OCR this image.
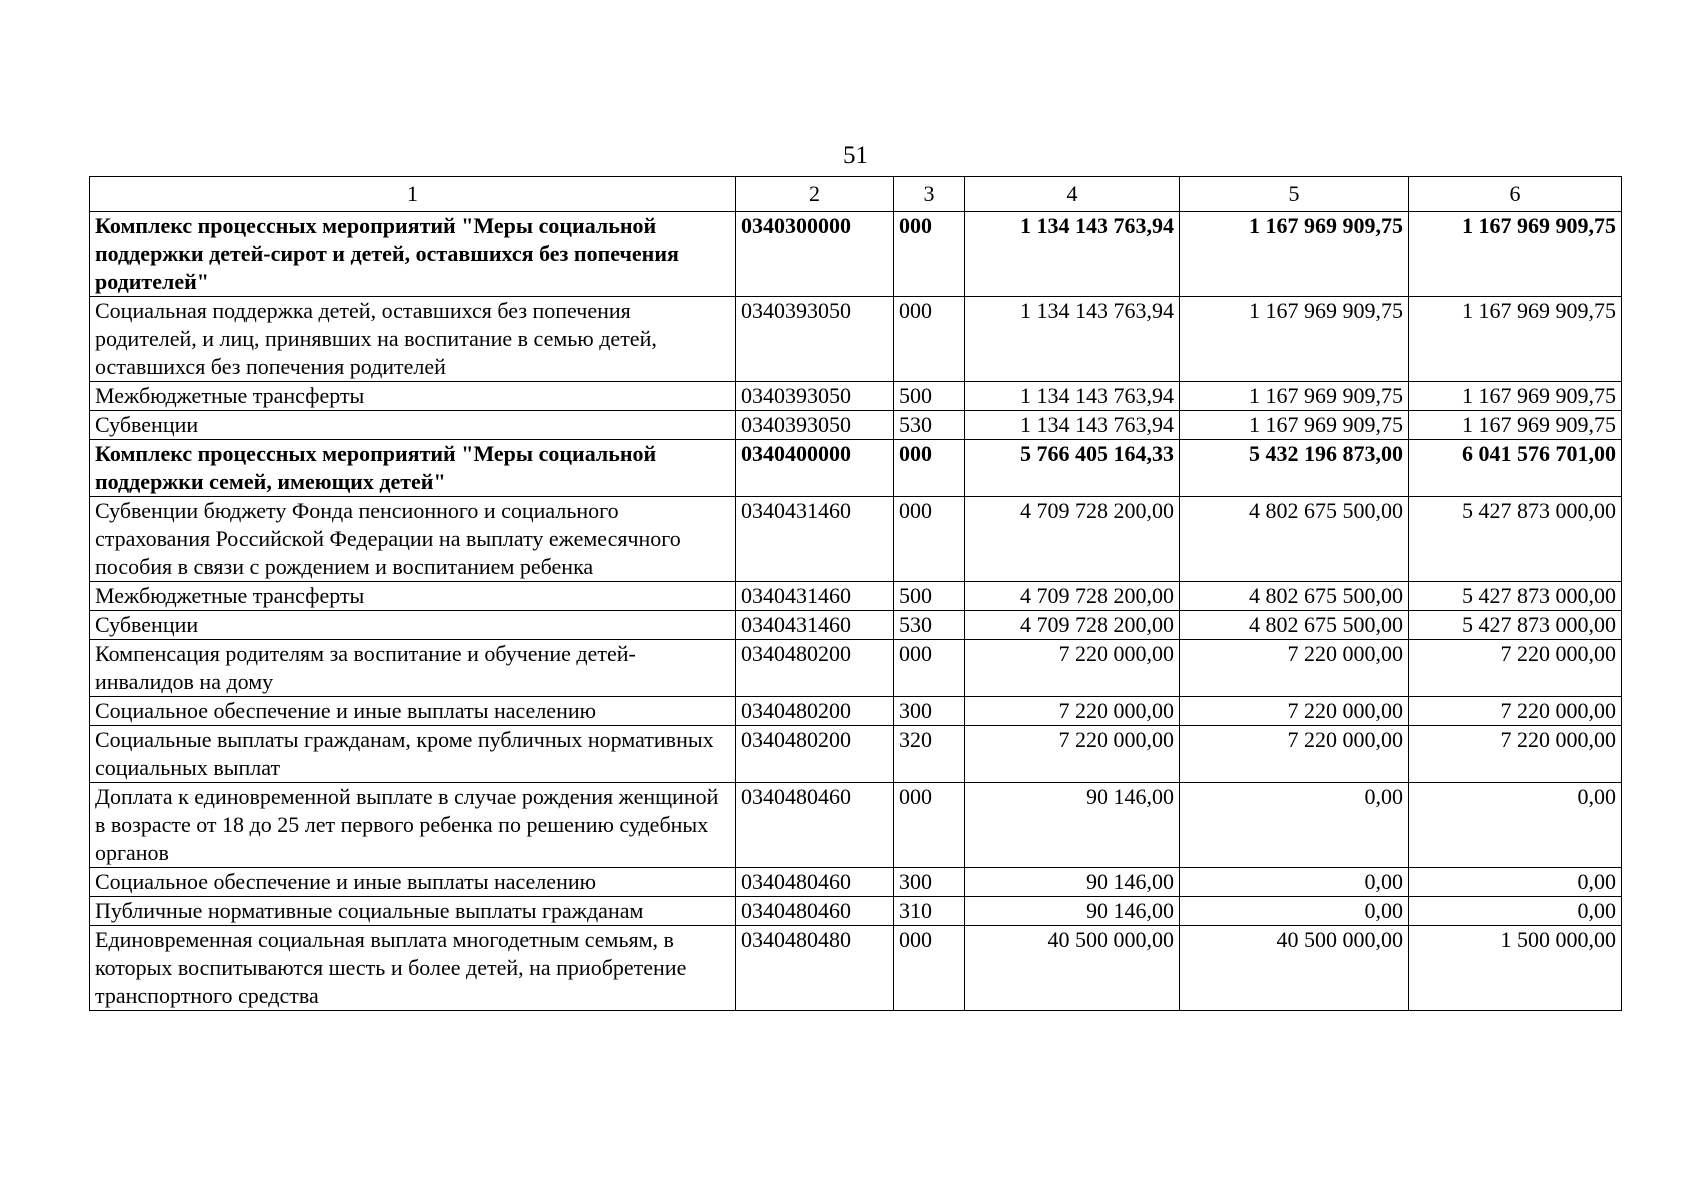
51
1	2	3	4	5	6
Комплекс процессных мероприятий "Меры социальной поддержки детей-сирот и детей, оставшихся без попечения родителей"	0340300000	000	1 134 143 763,94	1 167 969 909,75	1 167 969 909,75
Социальная поддержка детей, оставшихся без попечения родителей, и лиц, принявших на воспитание в семью детей, оставшихся без попечения родителей	0340393050	000	1 134 143 763,94	1 167 969 909,75	1 167 969 909,75
Межбюджетные трансферты	0340393050	500	1 134 143 763,94	1 167 969 909,75	1 167 969 909,75
Субвенции	0340393050	530	1 134 143 763,94	1 167 969 909,75	1 167 969 909,75
Комплекс процессных мероприятий "Меры социальной поддержки семей, имеющих детей"	0340400000	000	5 766 405 164,33	5 432 196 873,00	6 041 576 701,00
Субвенции бюджету Фонда пенсионного и социального страхования Российской Федерации на выплату ежемесячного пособия в связи с рождением и воспитанием ребенка	0340431460	000	4 709 728 200,00	4 802 675 500,00	5 427 873 000,00
Межбюджетные трансферты	0340431460	500	4 709 728 200,00	4 802 675 500,00	5 427 873 000,00
Субвенции	0340431460	530	4 709 728 200,00	4 802 675 500,00	5 427 873 000,00
Компенсация родителям за воспитание и обучение детей-инвалидов на дому	0340480200	000	7 220 000,00	7 220 000,00	7 220 000,00
Социальное обеспечение и иные выплаты населению	0340480200	300	7 220 000,00	7 220 000,00	7 220 000,00
Социальные выплаты гражданам, кроме публичных нормативных социальных выплат	0340480200	320	7 220 000,00	7 220 000,00	7 220 000,00
Доплата к единовременной выплате в случае рождения женщиной в возрасте от 18 до 25 лет первого ребенка по решению судебных органов	0340480460	000	90 146,00	0,00	0,00
Социальное обеспечение и иные выплаты населению	0340480460	300	90 146,00	0,00	0,00
Публичные нормативные социальные выплаты гражданам	0340480460	310	90 146,00	0,00	0,00
Единовременная социальная выплата многодетным семьям, в которых воспитываются шесть и более детей, на приобретение транспортного средства	0340480480	000	40 500 000,00	40 500 000,00	1 500 000,00
